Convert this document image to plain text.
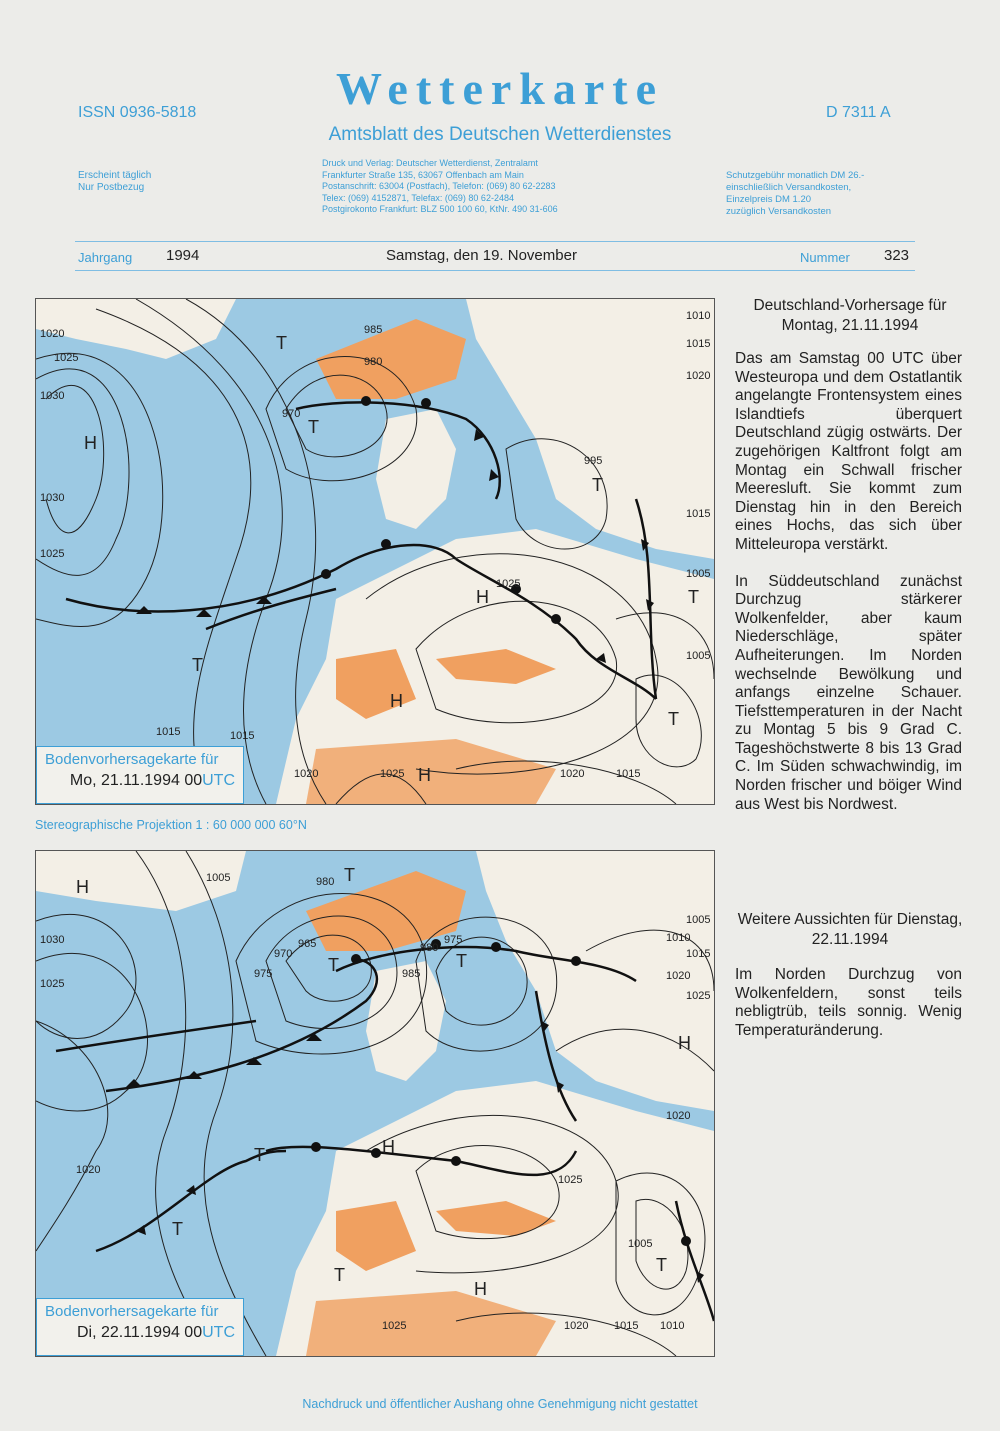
ISSN 0936-5818	D 7311 A
Wetterkarte
Amtsblatt des Deutschen Wetterdienstes
Erscheint täglich
Nur Postbezug
Druck und Verlag: Deutscher Wetterdienst, Zentralamt
Frankfurter Straße 135, 63067 Offenbach am Main
Postanschrift: 63004 (Postfach), Telefon: (069) 80 62-2283
Telex: (069) 4152871, Telefax: (069) 80 62-2484
Postgirokonto Frankfurt: BLZ 500 100 60, KtNr. 490 31-606
Schutzgebühr monatlich DM 26.-
einschließlich Versandkosten,
Einzelpreis DM 1.20
zuzüglich Versandkosten
Jahrgang 1994	Samstag, den 19. November	Nummer 323
1020
1025
1030
1030
1025
985
980
970
995
1010
1015
1020
1015
1005
1025
1015	1015
1020	1025	1020	1015
1005
H
T
T
T
T
H
H
H
T
T
Bodenvorhersagekarte für
Mo, 21.11.1994 00UTC
Stereographische Projektion 1 : 60 000 000 60°N
1030
1025
1005	980
975
970
965
985
980
975
1005
1010
1015
1020
1025
1020
1025
1005
1020
1025	1015 1010
1020
H
T
T	T
H
H
T
T
T
H
T
Bodenvorhersagekarte für
Di, 22.11.1994 00UTC
Deutschland-Vorhersage für Montag, 21.11.1994

Das am Samstag 00 UTC über Westeuropa und dem Ostatlantik angelangte Frontensystem eines Islandtiefs überquert Deutschland zügig ostwärts. Der zugehörigen Kaltfront folgt am Montag ein Schwall frischer Meeresluft. Sie kommt zum Dienstag hin in den Bereich eines Hochs, das sich über Mitteleuropa verstärkt.

In Süddeutschland zunächst Durchzug stärkerer Wolkenfelder, aber kaum Niederschläge, später Aufheiterungen. Im Norden wechselnde Bewölkung und anfangs einzelne Schauer. Tiefsttemperaturen in der Nacht zu Montag 5 bis 9 Grad C. Tageshöchstwerte 8 bis 13 Grad C. Im Süden schwachwindig, im Norden frischer und böiger Wind aus West bis Nordwest.

Weitere Aussichten für Dienstag, 22.11.1994

Im Norden Durchzug von Wolkenfeldern, sonst teils nebligtrüb, teils sonnig. Wenig Temperaturänderung.

Nachdruck und öffentlicher Aushang ohne Genehmigung nicht gestattet
